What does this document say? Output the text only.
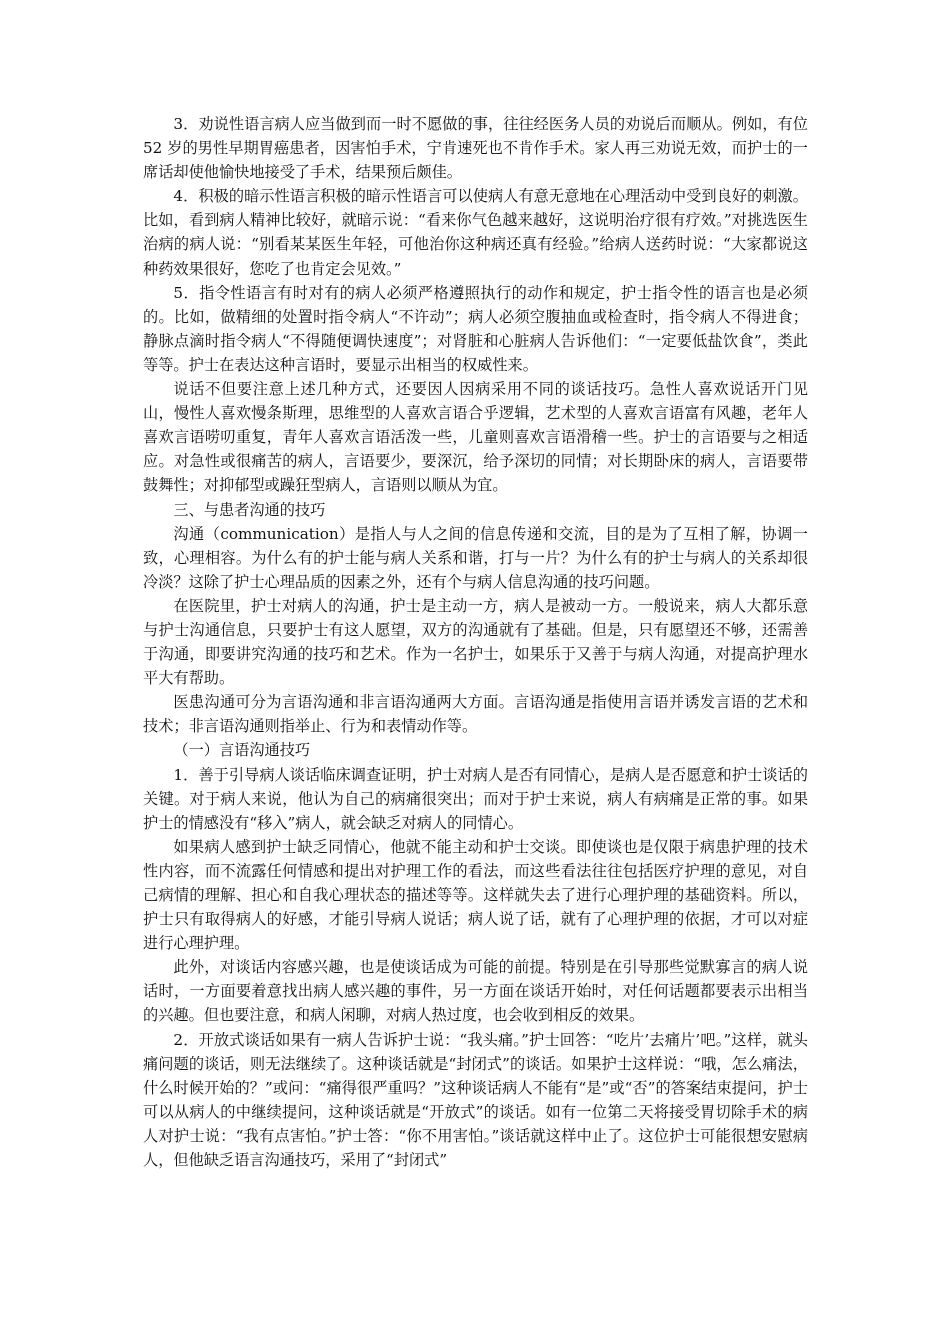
3．劝说性语言病人应当做到而一时不愿做的事，往往经医务人员的劝说后而顺从。例如，有位 52 岁的男性早期胃癌患者，因害怕手术，宁肯速死也不肯作手术。家人再三劝说无效，而护士的一席话却使他愉快地接受了手术，结果预后颇佳。

4．积极的暗示性语言积极的暗示性语言可以使病人有意无意地在心理活动中受到良好的刺激。比如，看到病人精神比较好，就暗示说：“看来你气色越来越好，这说明治疗很有疗效。”对挑选医生治病的病人说：“别看某某医生年轻，可他治你这种病还真有经验。”给病人送药时说：“大家都说这种药效果很好，您吃了也肯定会见效。”

5．指令性语言有时对有的病人必须严格遵照执行的动作和规定，护士指令性的语言也是必须的。比如，做精细的处置时指令病人“不许动”；病人必须空腹抽血或检查时，指令病人不得进食；静脉点滴时指令病人“不得随便调快速度”；对肾脏和心脏病人告诉他们：“一定要低盐饮食”，类此等等。护士在表达这种言语时，要显示出相当的权威性来。

说话不但要注意上述几种方式，还要因人因病采用不同的谈话技巧。急性人喜欢说话开门见山，慢性人喜欢慢条斯理，思维型的人喜欢言语合乎逻辑，艺术型的人喜欢言语富有风趣，老年人喜欢言语唠叨重复，青年人喜欢言语活泼一些，儿童则喜欢言语滑稽一些。护士的言语要与之相适应。对急性或很痛苦的病人，言语要少，要深沉，给予深切的同情；对长期卧床的病人，言语要带鼓舞性；对抑郁型或躁狂型病人，言语则以顺从为宜。

三、与患者沟通的技巧

沟通（communication）是指人与人之间的信息传递和交流，目的是为了互相了解，协调一致，心理相容。为什么有的护士能与病人关系和谐，打与一片？为什么有的护士与病人的关系却很冷淡？这除了护士心理品质的因素之外，还有个与病人信息沟通的技巧问题。

在医院里，护士对病人的沟通，护士是主动一方，病人是被动一方。一般说来，病人大都乐意与护士沟通信息，只要护士有这人愿望，双方的沟通就有了基础。但是，只有愿望还不够，还需善于沟通，即要讲究沟通的技巧和艺术。作为一名护士，如果乐于又善于与病人沟通，对提高护理水平大有帮助。

医患沟通可分为言语沟通和非言语沟通两大方面。言语沟通是指使用言语并诱发言语的艺术和技术；非言语沟通则指举止、行为和表情动作等。

（一）言语沟通技巧

1．善于引导病人谈话临床调查证明，护士对病人是否有同情心，是病人是否愿意和护士谈话的关键。对于病人来说，他认为自己的病痛很突出；而对于护士来说，病人有病痛是正常的事。如果护士的情感没有“移入”病人，就会缺乏对病人的同情心。

如果病人感到护士缺乏同情心，他就不能主动和护士交谈。即使谈也是仅限于病患护理的技术性内容，而不流露任何情感和提出对护理工作的看法，而这些看法往往包括医疗护理的意见，对自己病情的理解、担心和自我心理状态的描述等等。这样就失去了进行心理护理的基础资料。所以，护士只有取得病人的好感，才能引导病人说话；病人说了话，就有了心理护理的依据，才可以对症进行心理护理。

此外，对谈话内容感兴趣，也是使谈话成为可能的前提。特别是在引导那些觉默寡言的病人说话时，一方面要着意找出病人感兴趣的事件，另一方面在谈话开始时，对任何话题都要表示出相当的兴趣。但也要注意，和病人闲聊，对病人热过度，也会收到相反的效果。

2．开放式谈话如果有一病人告诉护士说：“我头痛。”护士回答：“吃片’去痛片’吧。”这样，就头痛问题的谈话，则无法继续了。这种谈话就是“封闭式”的谈话。如果护士这样说：“哦，怎么痛法，什么时候开始的？”或问：“痛得很严重吗？”这种谈话病人不能有“是”或“否”的答案结束提问，护士可以从病人的中继续提问，这种谈话就是“开放式”的谈话。如有一位第二天将接受胃切除手术的病人对护士说：“我有点害怕。”护士答：“你不用害怕。”谈话就这样中止了。这位护士可能很想安慰病人，但他缺乏语言沟通技巧，采用了“封闭式”
